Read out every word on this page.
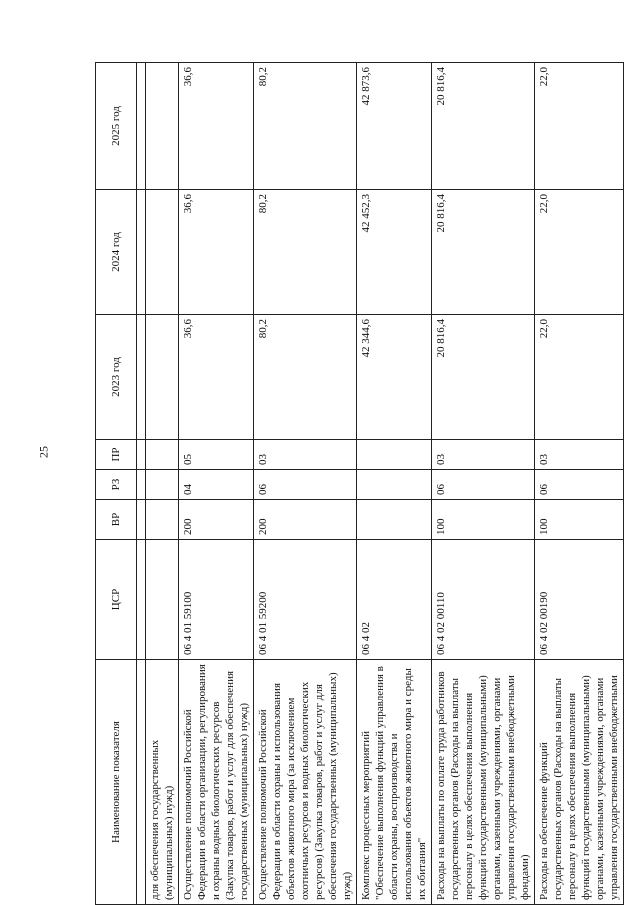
25
Наименование показателя	ЦСР	ВР	РЗ	ПР	2023 год	2024 год	2025 год

для обеспечения государственных (муниципальных) нужд)							
Осуществление полномочий Российской Федерации в области организации, регулирования и охраны водных биологических ресурсов (Закупка товаров, работ и услуг для обеспечения государственных (муниципальных) нужд)	06 4 01 59100	200	04	05	36,6	36,6	36,6
Осуществление полномочий Российской Федерации в области охраны и использования объектов животного мира (за исключением охотничьих ресурсов и водных биологических ресурсов) (Закупка товаров, работ и услуг для обеспечения государственных (муниципальных) нужд)	06 4 01 59200	200	06	03	80,2	80,2	80,2
Комплекс процессных мероприятий "Обеспечение выполнения функций управления в области охраны, воспроизводства и использования объектов животного мира и среды их обитания"	06 4 02				42 344,6	42 452,3	42 873,6
Расходы на выплаты по оплате труда работников государственных органов (Расходы на выплаты персоналу в целях обеспечения выполнения функций государственными (муниципальными) органами, казенными учреждениями, органами управления государственными внебюджетными фондами)	06 4 02 00110	100	06	03	20 816,4	20 816,4	20 816,4
Расходы на обеспечение функций государственных органов (Расходы на выплаты персоналу в целях обеспечения выполнения функций государственными (муниципальными) органами, казенными учреждениями, органами управления государственными внебюджетными	06 4 02 00190	100	06	03	22,0	22,0	22,0
